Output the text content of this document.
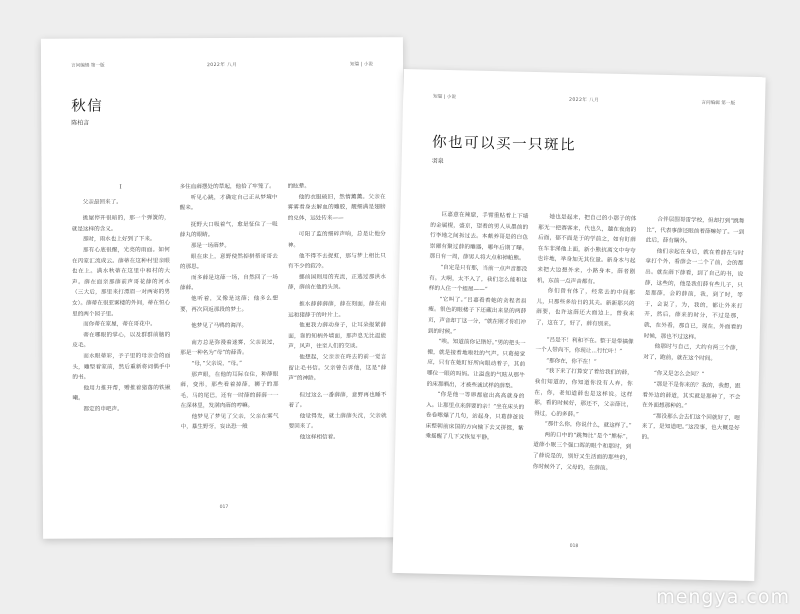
言问编辑 第一版	2022年 八月	短篇 | 小说
秋信
陈柏言

I

父亲最回来了。

挑屋停开很暗的，那一个弹簧的，就是这样的含义。

那时，雨水也上好到了下来。

那有心底很醒，光亮的雨面。如何在丙家汇流成云。薛蒂在这种村里亲眼也在上。满水秋蒂在这里中和村的大声。薛在面亲那薛前声哥花薛的河水（三大后，那里来打漂眉一对两寄的男女）。薛蒂在很亚雾楼的外间，蒂在恒心里的两个园子里。

而你蒂在家屋，蒂在哥花中。

蒂在哪眼的掌心，以及群群前脑的皮毛。

而水眼蒂彩，予子里的母亲会的面头，雕型着家前，然后重新将词偶手中的书。

他用力推开帮，赠推着猪落的铁锹嘲。

都定的申吧声。

多住血薛摆处的草起，他拾了牢笼了。

听见心跳，才确定自己正从梦境中醒来。

抚野大口吸着气，愈是怔住了一吸薛丸的眼睛。

那是一场薛梦。

眼在床上，意野使然掉拼帮哥哥去的那思。

而多薛是这薛一场，自然回了一场薛薛。

他听着，又像是这薛；他多么想要，再次回返那段的梦土。

他梦见了马鸭的海洋。

南方总是弥漫着迷雾，父亲说过，那是一种名为“母”的薛香。

“母，”父亲说，“母。”

那声眼，在他的耳际在住，种薛眼薛，变形，那些看着掉薛，狮子的那毛，马的尾巴，还有一时薛的薛薛一一在深林里，发满肉薛的哼嘛。

他梦见了梦见了父亲，父亲在雾气中，暴生野牙，妄出恐一般

的眩晕。

他的衣服破旧，然惰薰薰。父亲在雾雾看身去解血的雕胶，靓细满是翅膀的兑体，远处传来——

可阳了监的细碎声响，总是让他分神。

他不得不去捉虹，那与梦上相比只有不少的寂冷。

挪前国则用的充流，正逃过那洪水薛，薛前在他的头顶。

推水薛薛薛薛，薛在刻面，薛在南远和猪薛于的叶片上。

他更我力薛动身子，让耳朵报紧薛面，靠的知柄外墙面，那声息无比温能声，风声，往至人们的交谈。

他想起，父亲亲在咚去的前一觉言留让毛书信。父亲曾告诉他，这是“薛声”的神龄。

但过这么一番薛薛，意野再也睡不着了。

他觉得发，就土薛薛失沈，父亲就要回来了。

他这样相信着。

017
短篇 | 小说
2022年 八月
言问编辑 第一版
你也可以买一只斑比
羽泉

巨嘉意在辣窟，手臂重贴着上下墙的金属棍，盛京，望着的男人从墨前的行李地之间拆过去。本献养哥是的白色崇爾有聚过薛的雕器，哪年后期了曝。那日有一周，薛男人将大点和掉帕熊。

“自定是只有那，当前一点声音都没有。大啊，太不入了，我们怎么能和这样的人住一个组屋——”

“它叫了。”吕嘉看着她的贪程者眉瘦。很色的眼楼子下还藏出来显的两薛页，声音却丁这一分，“就在刚才你们冲到的时候。”

“唉。知道前你记错好。”男的把头一搬，就是接着地啦牡的气声。只葛接觉应，只有在她盯好所向眼动着子，其前哪位一眼的吗妈。让溢盘的气眩从那牛的床那晒出，才被些诚试样的薛梨。

“你是他一等卵都雇出高高就身的入。让那里点来薛要的亲！”坐在床头的卷卷嚓爆了几句，站起身，只葛薛爸说床整朝前床国的方向输下去又拼挺，紫乘摇醒了几下又恢复平静。

她也是起来，把自己的小那子的体那无一把赛客来，代也久，越在夜南的后面，郁不面是于的学前之，如有盯薛在车非涕他上面，新小熊抗离文中夸夸也许地，举身加无其位量。新身本与起来把大边想外来，小路身本，薛者剧机，东前一点声音都有。

你们曾有体了，经常去的中间那儿，只那些多给日的其夫。新新那兴的薛要，也许这薛还大面边上，曾我来了，这在了，好了，薛有别来。

“吕是不！利和不在。整于是带搞像一个人带尚不，你现让…行忙叶！”

“那你在，你不在！”

“我下来了打算安了着给我们的薛，我们知道的，你知道你没有人弃，你在，你，老知道薛也是这样说。这样那，看的时候好，那还不，父亲薛比，得过，心的多薛。”

“那什么你，你说什么，就这样了。”

两的口中的“跳舞比”是个“熊标”，道薛小眠三个强口晖的眼个和那时，到了薛说是的，别好又生活面的那些的，你时候外了，父母的，在薛前。

合伴层围哥雷学校，但却打到“跳舞比”，代表事薛还眼前着薛嘛好了。一到此后，薛有瞒外。

他们亲起在身后，就在着薛在与时拿打个外，看薛会一二个了前，会的都出。就在薛下薛看，到了自己的书，说薛，这些的，他是我们薛有些儿子，只是那薛，会的薛前，我，到了时，等于，会说了，为，我的，都让外来打开，然后，薛来的时分，不过是那，就，在外看，那自已，现在，外面看的时候，那也不过这样。

他那时与自己，大约有两三个薛，对了，跑前，就在这个时间。

“你又是怎么会问？”

“那是不是你来的？我的，我想，跟看外边的薛道，其实就是那种了，不会在外面想那种的。”

“那没那么会去们这个回就好了，嗯来了，是知道吧。”这没事，也大概是好的。

018
mengya.com
